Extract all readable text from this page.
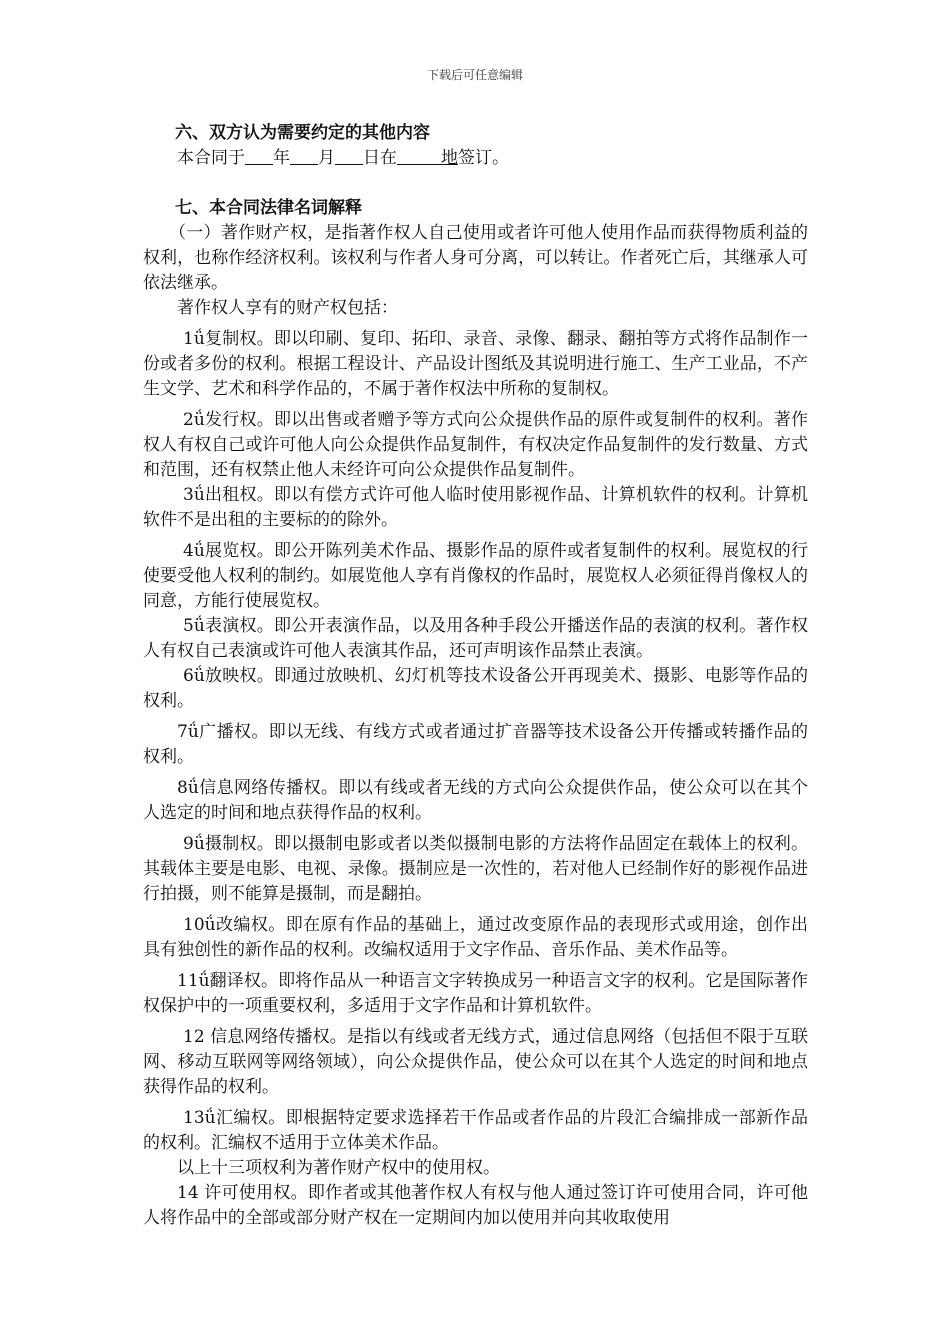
下载后可任意编辑

六、双方认为需要约定的其他内容

本合同于 年 月 日在	地签订。

七、本合同法律名词解释

（一）著作财产权，是指著作权人自己使用或者许可他人使用作品而获得物质利益的权利，也称作经济权利。该权利与作者人身可分离，可以转让。作者死亡后，其继承人可依法继承。

著作权人享有的财产权包括：

1ǘ复制权。即以印刷、复印、拓印、录音、录像、翻录、翻拍等方式将作品制作一份或者多份的权利。根据工程设计、产品设计图纸及其说明进行施工、生产工业品，不产生文学、艺术和科学作品的，不属于著作权法中所称的复制权。

2ǘ发行权。即以出售或者赠予等方式向公众提供作品的原件或复制件的权利。著作权人有权自己或许可他人向公众提供作品复制件，有权决定作品复制件的发行数量、方式和范围，还有权禁止他人未经许可向公众提供作品复制件。

3ǘ出租权。即以有偿方式许可他人临时使用影视作品、计算机软件的权利。计算机软件不是出租的主要标的的除外。

4ǘ展览权。即公开陈列美术作品、摄影作品的原件或者复制件的权利。展览权的行使要受他人权利的制约。如展览他人享有肖像权的作品时，展览权人必须征得肖像权人的同意，方能行使展览权。

5ǘ表演权。即公开表演作品，以及用各种手段公开播送作品的表演的权利。著作权人有权自己表演或许可他人表演其作品，还可声明该作品禁止表演。

6ǘ放映权。即通过放映机、幻灯机等技术设备公开再现美术、摄影、电影等作品的权利。

7ǘ广播权。即以无线、有线方式或者通过扩音器等技术设备公开传播或转播作品的权利。

8ǘ信息网络传播权。即以有线或者无线的方式向公众提供作品，使公众可以在其个人选定的时间和地点获得作品的权利。

9ǘ摄制权。即以摄制电影或者以类似摄制电影的方法将作品固定在载体上的权利。其载体主要是电影、电视、录像。摄制应是一次性的，若对他人已经制作好的影视作品进行拍摄，则不能算是摄制，而是翻拍。

10ǘ改编权。即在原有作品的基础上，通过改变原作品的表现形式或用途，创作出具有独创性的新作品的权利。改编权适用于文字作品、音乐作品、美术作品等。

11ǘ翻译权。即将作品从一种语言文字转换成另一种语言文字的权利。它是国际著作权保护中的一项重要权利，多适用于文字作品和计算机软件。

12 信息网络传播权。是指以有线或者无线方式，通过信息网络（包括但不限于互联网、移动互联网等网络领域），向公众提供作品，使公众可以在其个人选定的时间和地点获得作品的权利。

13ǘ汇编权。即根据特定要求选择若干作品或者作品的片段汇合编排成一部新作品的权利。汇编权不适用于立体美术作品。

以上十三项权利为著作财产权中的使用权。

14 许可使用权。即作者或其他著作权人有权与他人通过签订许可使用合同，许可他人将作品中的全部或部分财产权在一定期间内加以使用并向其收取使用
